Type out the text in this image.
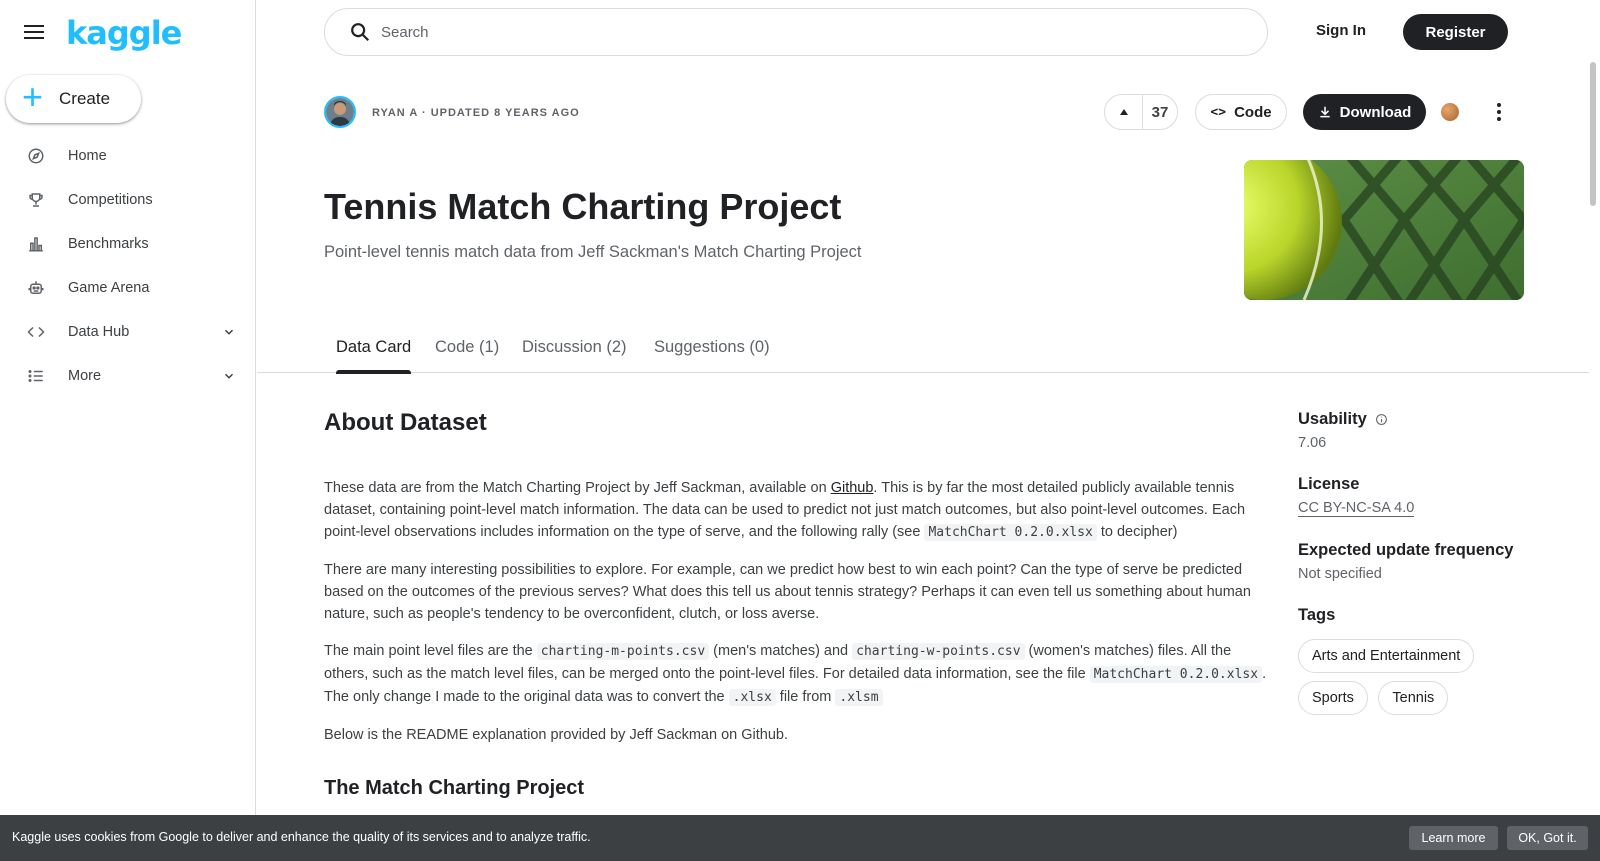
kaggle
+ Create
Home
Competitions
Benchmarks
Game Arena
Data Hub
More
Search
Sign In	Register
RYAN A · UPDATED 8 YEARS AGO	37	<> Code	Download
Tennis Match Charting Project
Point-level tennis match data from Jeff Sackman's Match Charting Project
Data Card Code (1) Discussion (2) Suggestions (0)
About Dataset

These data are from the Match Charting Project by Jeff Sackman, available on Github. This is by far the most detailed publicly available tennis dataset, containing point-level match information. The data can be used to predict not just match outcomes, but also point-level outcomes. Each point-level observations includes information on the type of serve, and the following rally (see MatchChart 0.2.0.xlsx to decipher)

There are many interesting possibilities to explore. For example, can we predict how best to win each point? Can the type of serve be predicted based on the outcomes of the previous serves? What does this tell us about tennis strategy? Perhaps it can even tell us something about human nature, such as people's tendency to be overconfident, clutch, or loss averse.

The main point level files are the charting-m-points.csv (men's matches) and charting-w-points.csv (women's matches) files. All the others, such as the match level files, can be merged onto the point-level files. For detailed data information, see the file MatchChart 0.2.0.xlsx . The only change I made to the original data was to convert the .xlsx file from .xlsm

Below is the README explanation provided by Jeff Sackman on Github.

The Match Charting Project
Usability
7.06
License
CC BY-NC-SA 4.0
Expected update frequency
Not specified
Tags
Arts and Entertainment Sports	Tennis
Kaggle uses cookies from Google to deliver and enhance the quality of its services and to analyze traffic.	Learn more	OK, Got it.
